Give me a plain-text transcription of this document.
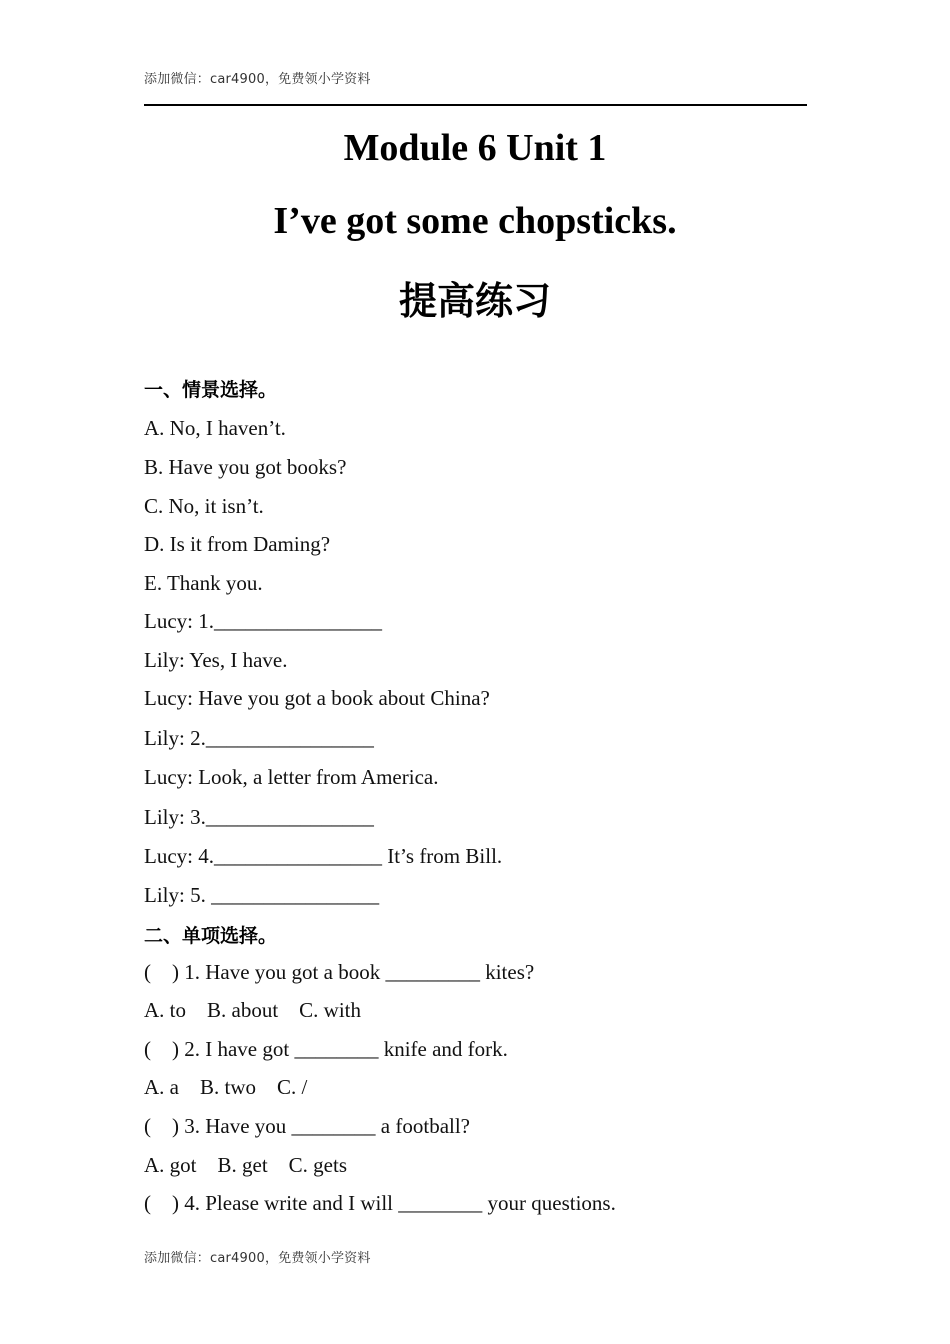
添加微信：car4900，免费领小学资料
Module 6 Unit 1
I’ve got some chopsticks.
提高练习
一、情景选择。
A. No, I haven’t.
B. Have you got books?
C. No, it isn’t.
D. Is it from Daming?
E. Thank you.
Lucy: 1.________________
Lily: Yes, I have.
Lucy: Have you got a book about China?
Lily: 2.________________
Lucy: Look, a letter from America.
Lily: 3.________________
Lucy: 4.________________ It’s from Bill.
Lily: 5. ________________
二、单项选择。
(    ) 1. Have you got a book _________ kites?
A. to    B. about    C. with
(    ) 2. I have got ________ knife and fork.
A. a    B. two    C. /
(    ) 3. Have you ________ a football?
A. got    B. get    C. gets
(    ) 4. Please write and I will ________ your questions.
添加微信：car4900，免费领小学资料
